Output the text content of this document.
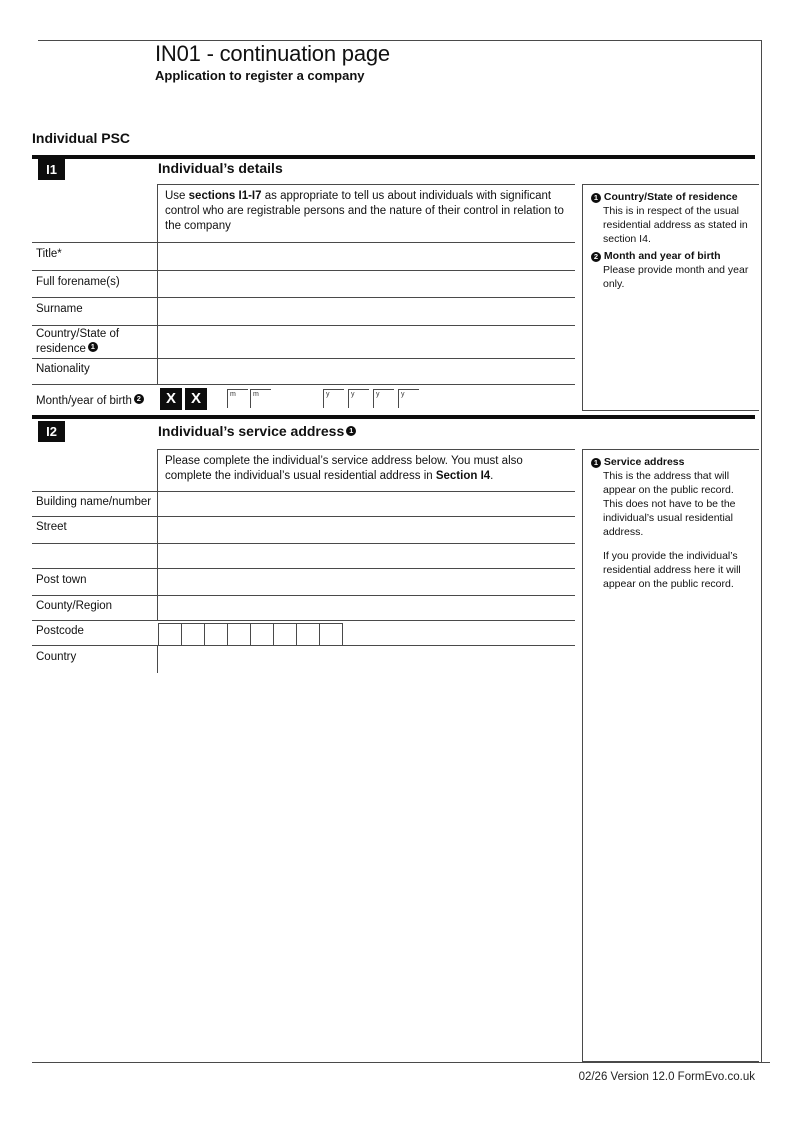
IN01 - continuation page
Application to register a company
Individual PSC
I1	Individual’s details
Use sections I1-I7 as appropriate to tell us about individuals with significant control who are registrable persons and the nature of their control in relation to the company
Title*
Full forename(s)
Surname
Country/State of residence 1
Nationality
Month/year of birth 2	X X	m	m	y	y	y	y
1 Country/State of residence
This is in respect of the usual residential address as stated in section I4.
2 Month and year of birth
Please provide month and year only.
I2	Individual’s service address 1
Please complete the individual’s service address below. You must also complete the individual’s usual residential address in Section I4.
Building name/number
Street
Post town
County/Region
Postcode
Country
1 Service address
This is the address that will appear on the public record. This does not have to be the individual’s usual residential address.
If you provide the individual’s residential address here it will appear on the public record.
02/26 Version 12.0 FormEvo.co.uk
